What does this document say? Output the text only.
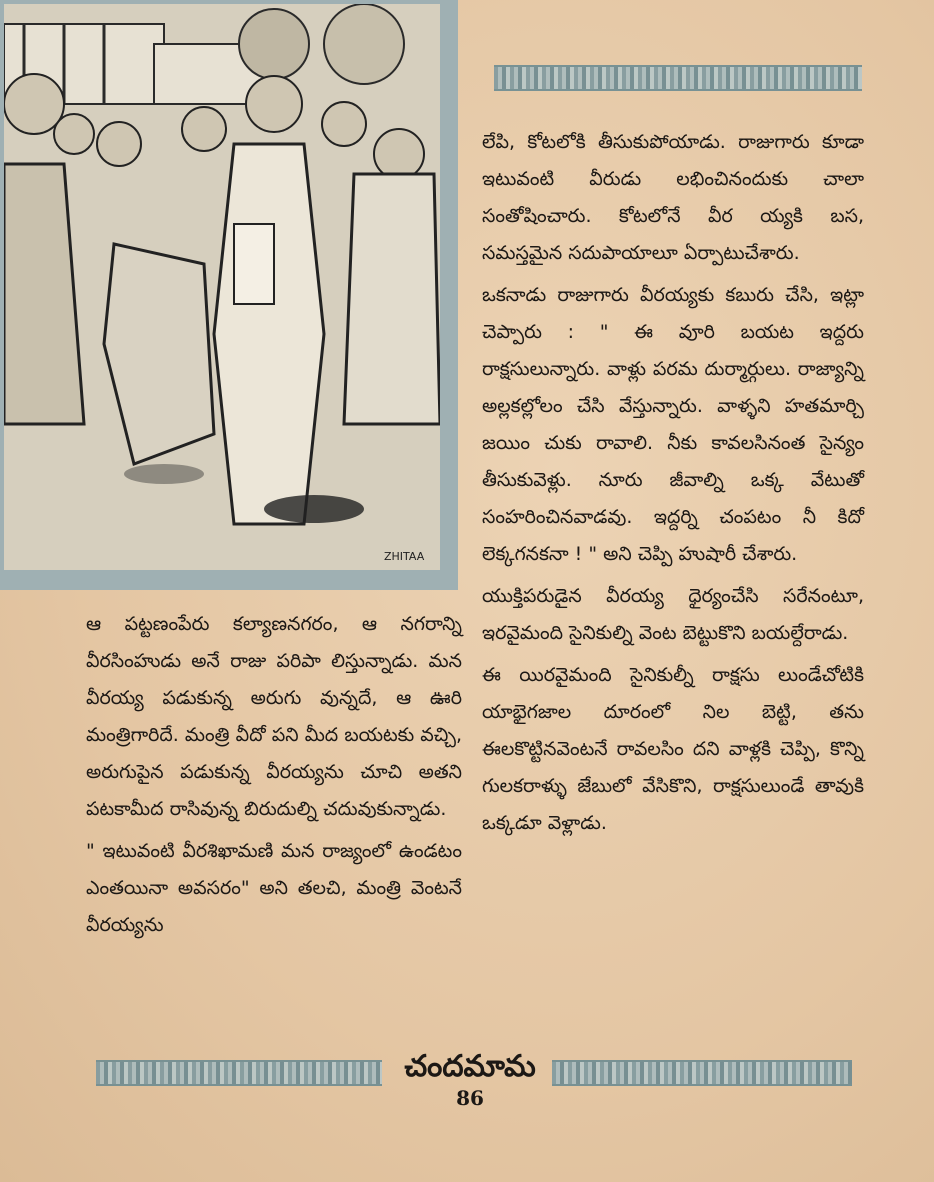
ZHITAA

లేపి, కోటలోకి తీసుకుపోయాడు. రాజుగారు కూడా ఇటువంటి వీరుడు లభించినందుకు చాలా సంతోషించారు. కోటలోనే వీర య్యకి బస, సమస్తమైన సదుపాయాలూ ఏర్పాటుచేశారు.

ఒకనాడు రాజుగారు వీరయ్యకు కబురు చేసి, ఇట్లా చెప్పారు : " ఈ వూరి బయట ఇద్దరు రాక్షసులున్నారు. వాళ్లు పరమ దుర్మార్గులు. రాజ్యాన్ని అల్లకల్లోలం చేసి వేస్తున్నారు. వాళ్ళని హతమార్చి జయిం చుకు రావాలి. నీకు కావలసినంత సైన్యం తీసుకువెళ్లు. నూరు జీవాల్ని ఒక్క వేటుతో సంహరించినవాడవు. ఇద్దర్ని చంపటం నీ కిదో లెక్కగనకనా ! " అని చెప్పి హుషారీ చేశారు.

యుక్తిపరుడైన వీరయ్య ధైర్యంచేసి సరేనంటూ, ఇరవైమంది సైనికుల్ని వెంట బెట్టుకొని బయల్దేరాడు.

ఈ యిరవైమంది సైనికుల్నీ రాక్షసు లుండేచోటికి యాభైగజాల దూరంలో నిల బెట్టి, తను ఈలకొట్టినవెంటనే రావలసిం దని వాళ్లకి చెప్పి, కొన్ని గులకరాళ్ళు జేబులో వేసికొని, రాక్షసులుండే తావుకి ఒక్కడూ వెళ్లాడు.

ఆ పట్టణంపేరు కల్యాణనగరం, ఆ నగరాన్ని వీరసింహుడు అనే రాజు పరిపా లిస్తున్నాడు. మన వీరయ్య పడుకున్న అరుగు వున్నదే, ఆ ఊరి మంత్రిగారిదే. మంత్రి వీదో పని మీద బయటకు వచ్చి, అరుగుపైన పడుకున్న వీరయ్యను చూచి అతని పటకామీద రాసివున్న బిరుదుల్ని చదువుకున్నాడు.

" ఇటువంటి వీరశిఖామణి మన రాజ్యంలో ఉండటం ఎంతయినా అవసరం" అని తలచి, మంత్రి వెంటనే వీరయ్యను

చందమామ
86
